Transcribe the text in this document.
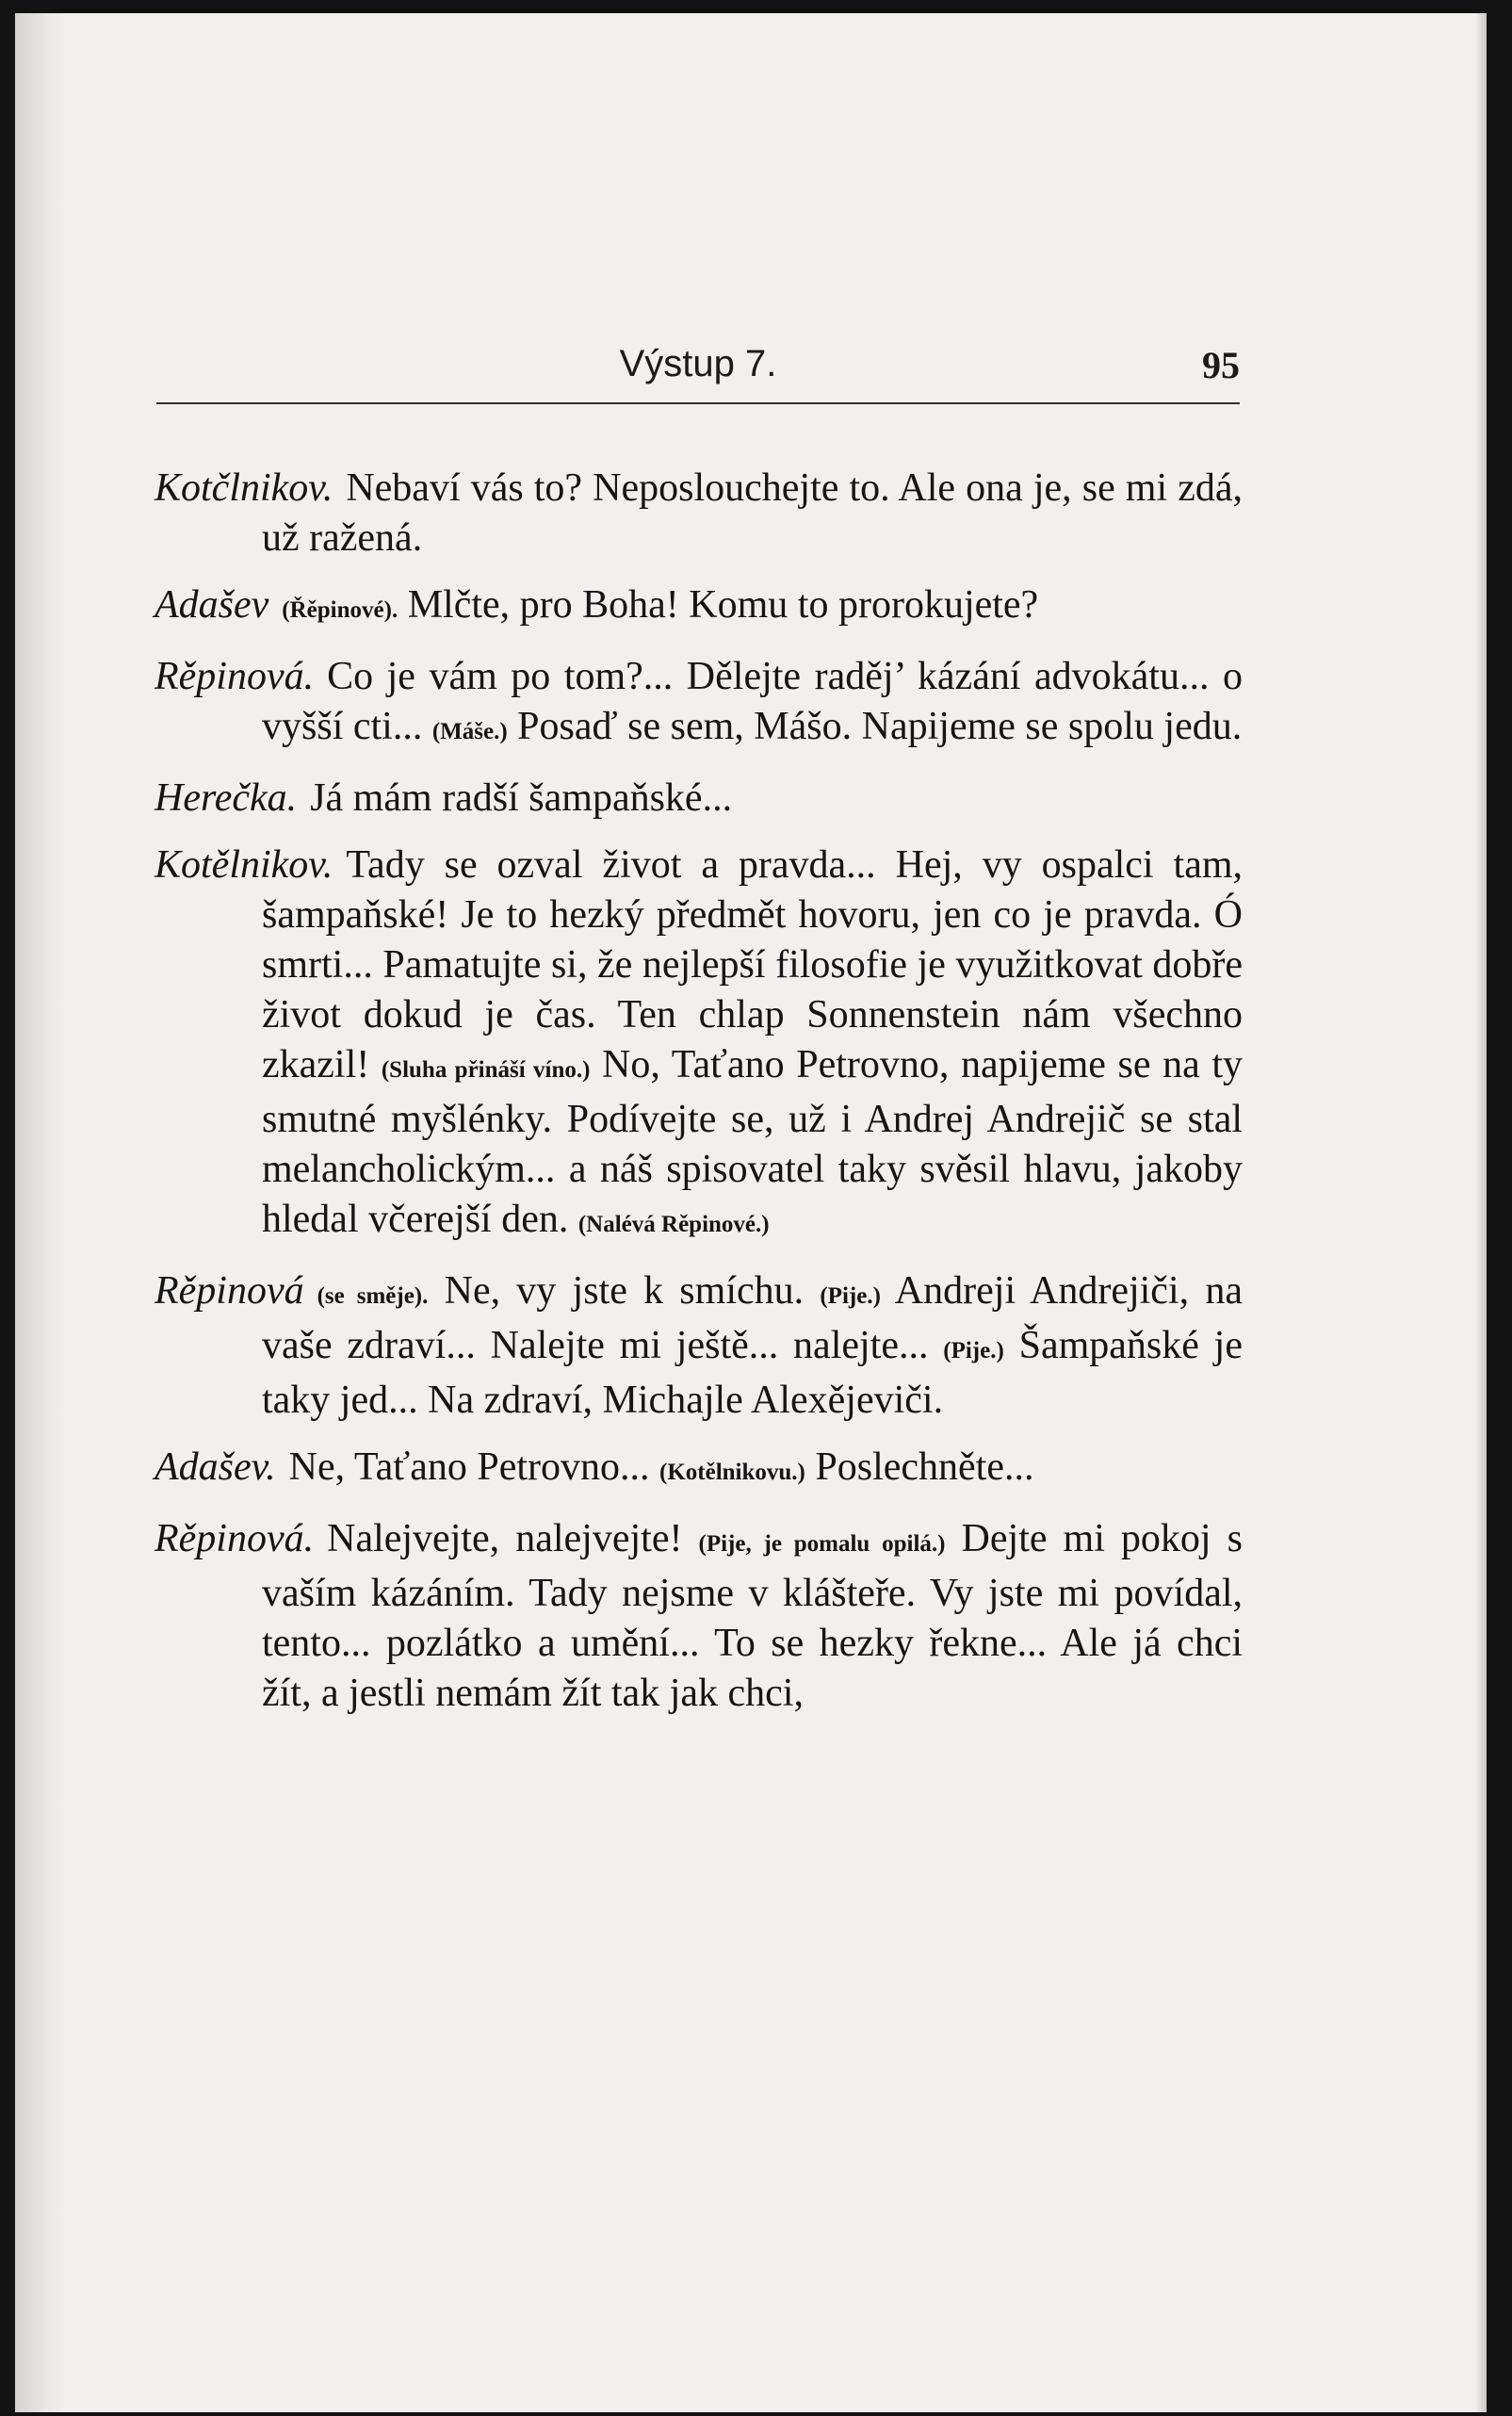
Výstup 7.	95

Kotčlnikov. Nebaví vás to? Neposlouchejte to. Ale ona je, se mi zdá, už ražená.

Adašev (Řěpinové). Mlčte, pro Boha! Komu to prorokujete?

Rěpinová. Co je vám po tom?... Dělejte raděj’ kázání advokátu... o vyšší cti... (Máše.) Posaď se sem, Mášo. Napijeme se spolu jedu.

Herečka. Já mám radší šampaňské...

Kotělnikov. Tady se ozval život a pravda... Hej, vy ospalci tam, šampaňské! Je to hezký předmět hovoru, jen co je pravda. Ó smrti... Pamatujte si, že nejlepší filosofie je využitkovat dobře život dokud je čas. Ten chlap Sonnenstein nám všechno zkazil! (Sluha přináší víno.) No, Taťano Petrovno, napijeme se na ty smutné myšlénky. Podívejte se, už i Andrej Andrejič se stal melancholickým... a náš spisovatel taky svěsil hlavu, jakoby hledal včerejší den. (Nalévá Rěpinové.)

Rěpinová (se směje). Ne, vy jste k smíchu. (Pije.) Andreji Andrejiči, na vaše zdraví... Nalejte mi ještě... nalejte... (Pije.) Šampaňské je taky jed... Na zdraví, Michajle Alexějeviči.

Adašev. Ne, Taťano Petrovno... (Kotělnikovu.) Poslechněte...

Rěpinová. Nalejvejte, nalejvejte! (Pije, je pomalu opilá.) Dejte mi pokoj s vaším kázáním. Tady nejsme v klášteře. Vy jste mi povídal, tento... pozlátko a umění... To se hezky řekne... Ale já chci žít, a jestli nemám žít tak jak chci,
